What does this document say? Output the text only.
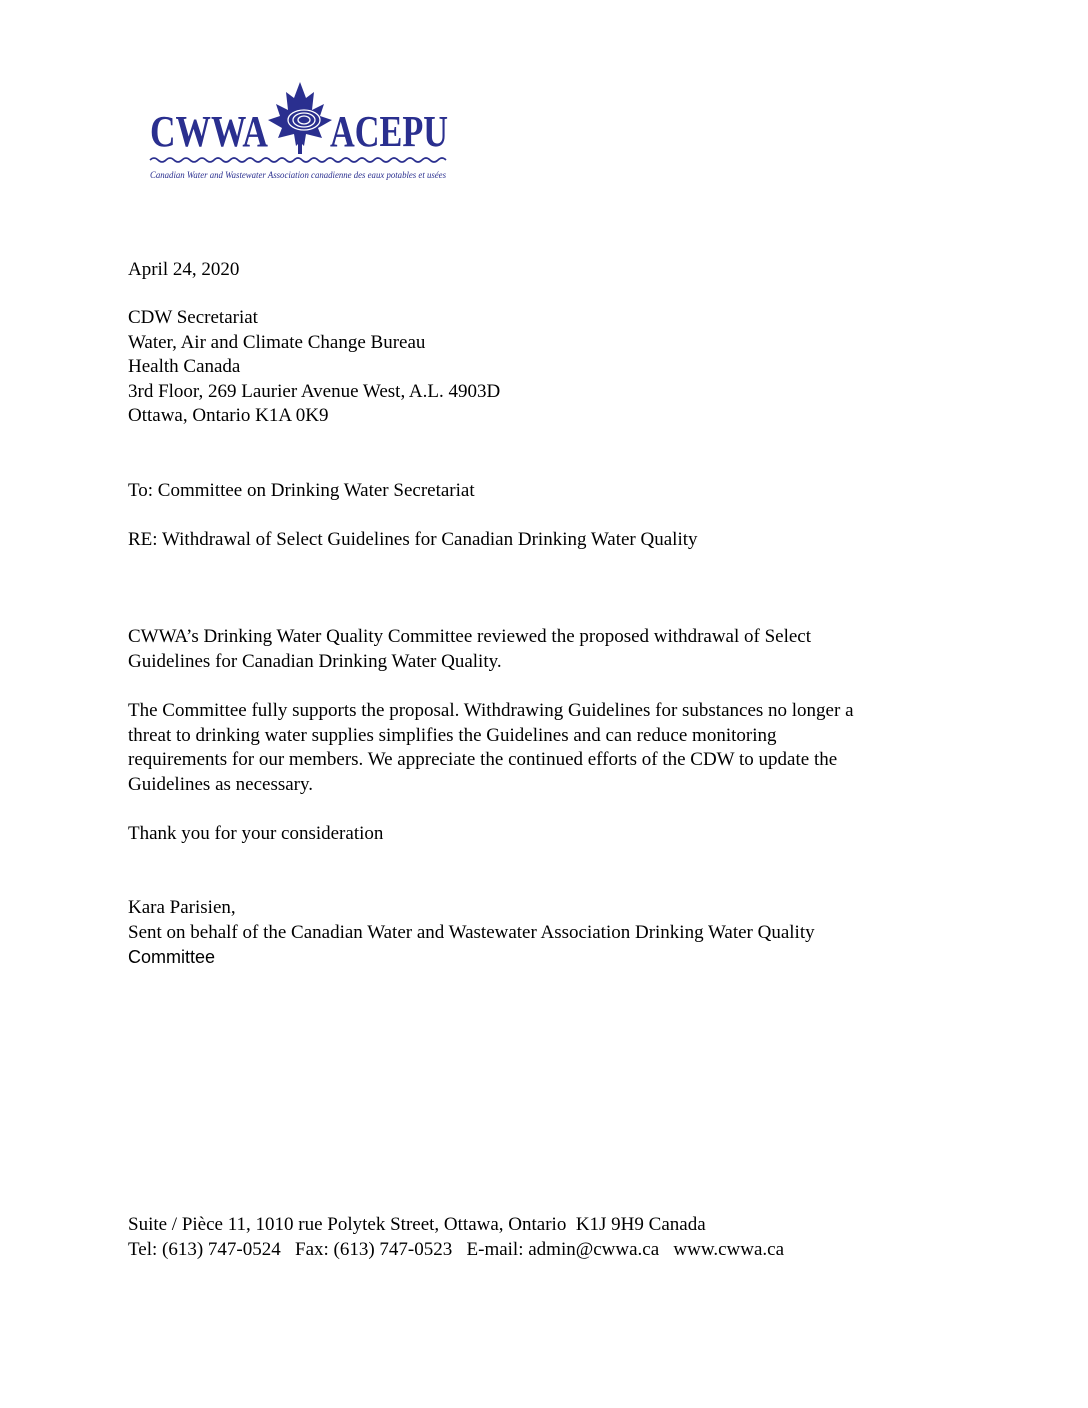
CWWA ACEPU
Canadian Water and Wastewater Association canadienne des eaux potables et usées

April 24, 2020

CDW Secretariat

Water, Air and Climate Change Bureau

Health Canada

3rd Floor, 269 Laurier Avenue West, A.L. 4903D

Ottawa, Ontario K1A 0K9

To: Committee on Drinking Water Secretariat

RE: Withdrawal of Select Guidelines for Canadian Drinking Water Quality

CWWA’s Drinking Water Quality Committee reviewed the proposed withdrawal of Select

Guidelines for Canadian Drinking Water Quality.

The Committee fully supports the proposal. Withdrawing Guidelines for substances no longer a

threat to drinking water supplies simplifies the Guidelines and can reduce monitoring

requirements for our members. We appreciate the continued efforts of the CDW to update the

Guidelines as necessary.

Thank you for your consideration

Kara Parisien,

Sent on behalf of the Canadian Water and Wastewater Association Drinking Water Quality

Committee

Suite / Pièce 11, 1010 rue Polytek Street, Ottawa, Ontario  K1J 9H9 Canada

Tel: (613) 747-0524   Fax: (613) 747-0523   E-mail: admin@cwwa.ca   www.cwwa.ca
